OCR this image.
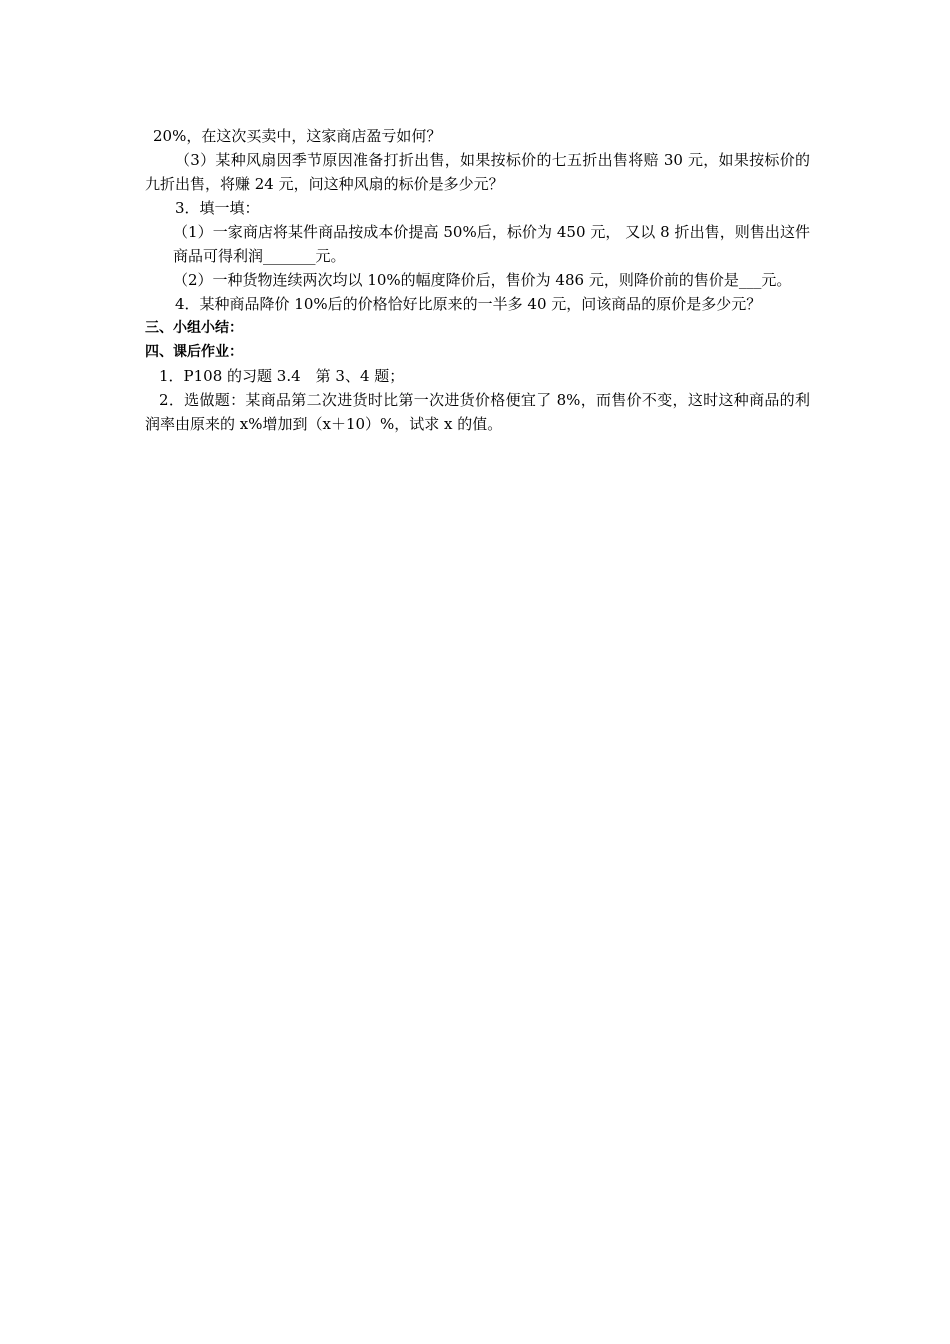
20%，在这次买卖中，这家商店盈亏如何？

（3）某种风扇因季节原因准备打折出售，如果按标价的七五折出售将赔 30 元，如果按标价的九折出售，将赚 24 元，问这种风扇的标价是多少元？

3．填一填：

（1）一家商店将某件商品按成本价提高 50%后，标价为 450 元， 又以 8 折出售，则售出这件商品可得利润_______元。

（2）一种货物连续两次均以 10%的幅度降价后，售价为 486 元，则降价前的售价是___元。

4．某种商品降价 10%后的价格恰好比原来的一半多 40 元，问该商品的原价是多少元？

三、小组小结：

四、课后作业：

1．P108 的习题 3.4　第 3、4 题；

2．选做题：某商品第二次进货时比第一次进货价格便宜了 8%，而售价不变，这时这种商品的利润率由原来的 x%增加到（x＋10）%，试求 x 的值。
